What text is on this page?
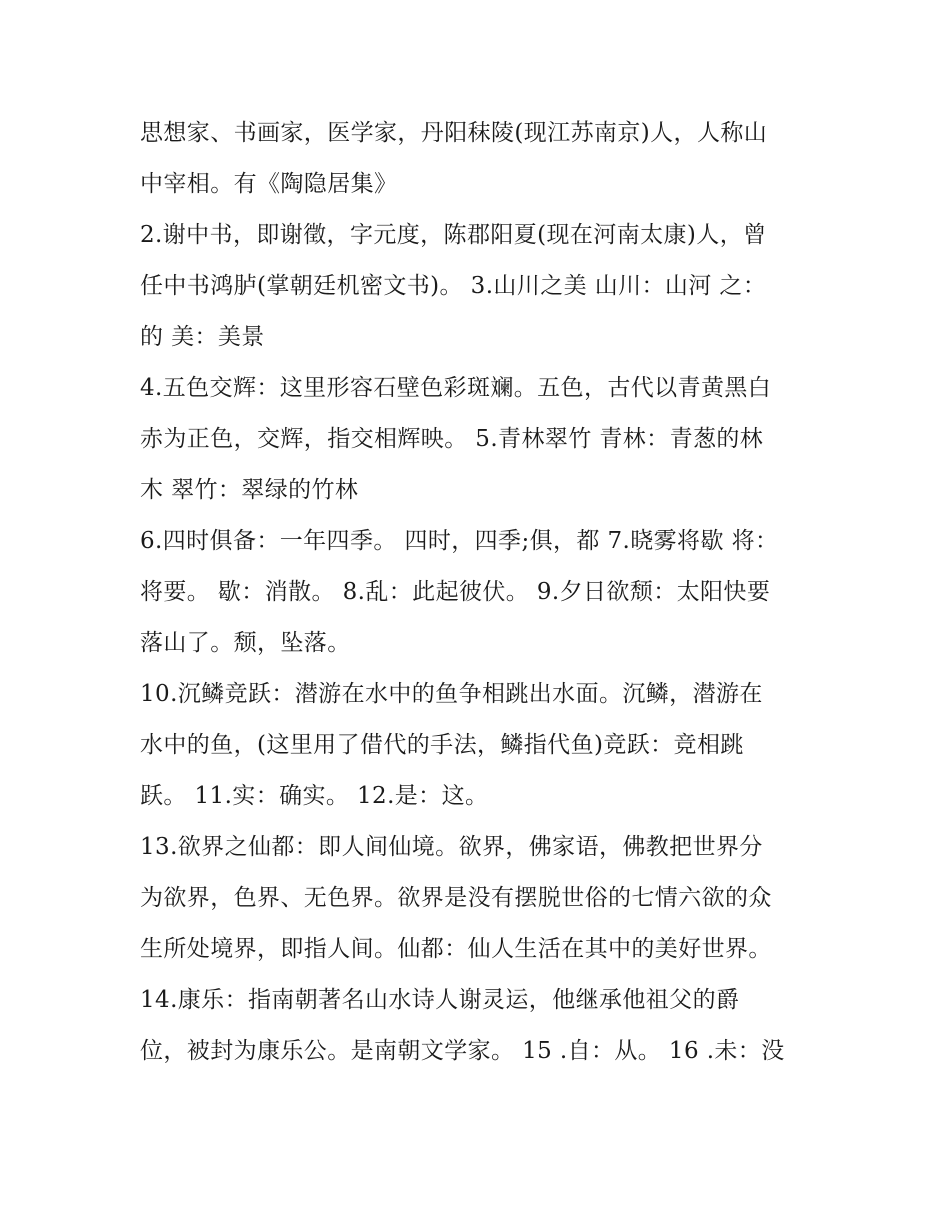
思想家、书画家，医学家，丹阳秣陵(现江苏南京)人，人称山
中宰相。有《陶隐居集》
2.谢中书，即谢徵，字元度，陈郡阳夏(现在河南太康)人，曾
任中书鸿胪(掌朝廷机密文书)。 3.山川之美 山川：山河 之：
的 美：美景
4.五色交辉：这里形容石壁色彩斑斓。五色，古代以青黄黑白
赤为正色，交辉，指交相辉映。 5.青林翠竹 青林：青葱的林
木 翠竹：翠绿的竹林
6.四时俱备：一年四季。 四时，四季;俱，都 7.晓雾将歇 将：
将要。 歇：消散。 8.乱：此起彼伏。 9.夕日欲颓：太阳快要
落山了。颓，坠落。
10.沉鳞竞跃：潜游在水中的鱼争相跳出水面。沉鳞，潜游在
水中的鱼，(这里用了借代的手法，鳞指代鱼)竞跃：竞相跳
跃。 11.实：确实。 12.是：这。
13.欲界之仙都：即人间仙境。欲界，佛家语，佛教把世界分
为欲界，色界、无色界。欲界是没有摆脱世俗的七情六欲的众
生所处境界，即指人间。仙都：仙人生活在其中的美好世界。
14.康乐：指南朝著名山水诗人谢灵运，他继承他祖父的爵
位，被封为康乐公。是南朝文学家。 15 .自：从。 16 .未：没
